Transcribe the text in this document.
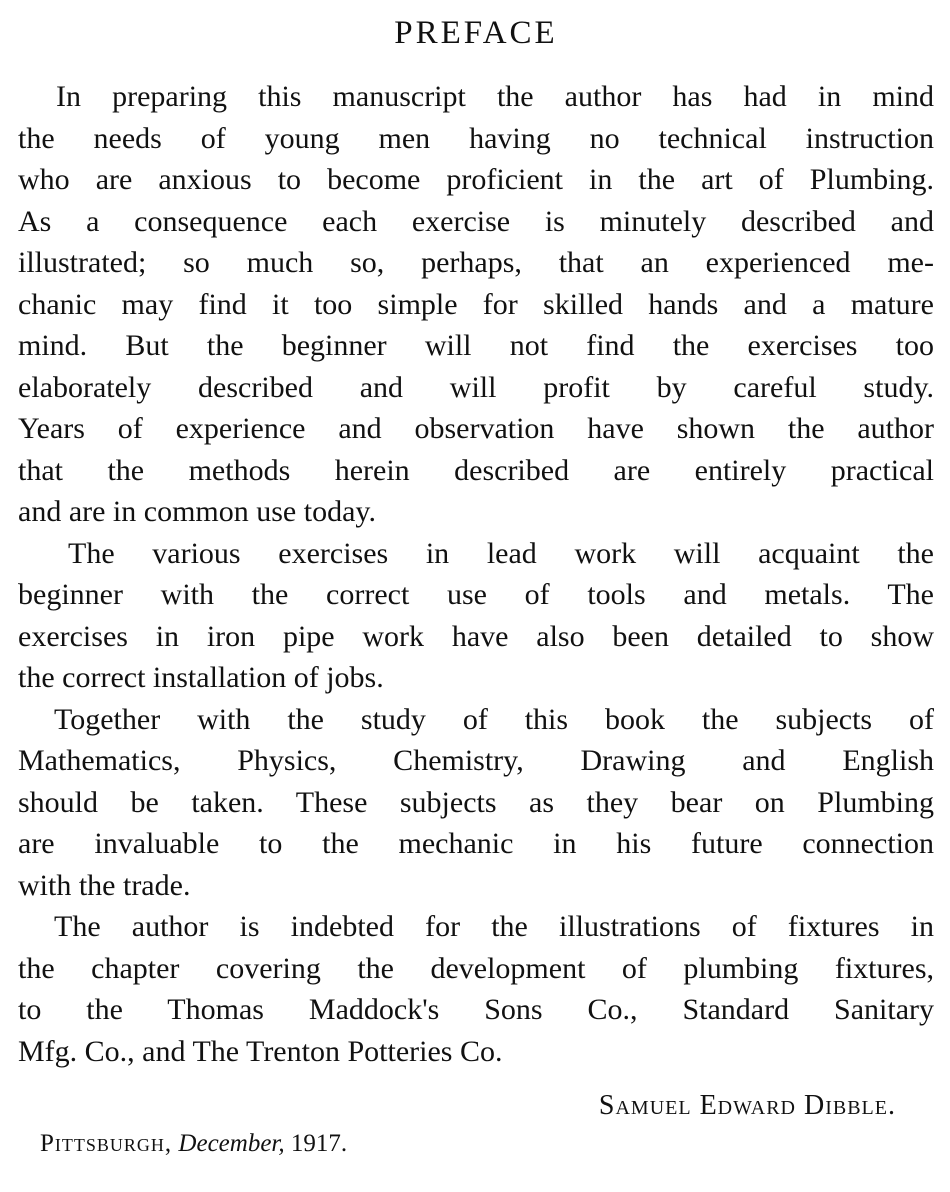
PREFACE
In preparing this manuscript the author has had in mind
the needs of young men having no technical instruction
who are anxious to become proficient in the art of Plumbing.
As a consequence each exercise is minutely described and
illustrated; so much so, perhaps, that an experienced me-
chanic may find it too simple for skilled hands and a mature
mind. But the beginner will not find the exercises too
elaborately described and will profit by careful study.
Years of experience and observation have shown the author
that the methods herein described are entirely practical
and are in common use today.
The various exercises in lead work will acquaint the
beginner with the correct use of tools and metals. The
exercises in iron pipe work have also been detailed to show
the correct installation of jobs.
Together with the study of this book the subjects of
Mathematics, Physics, Chemistry, Drawing and English
should be taken. These subjects as they bear on Plumbing
are invaluable to the mechanic in his future connection
with the trade.
The author is indebted for the illustrations of fixtures in
the chapter covering the development of plumbing fixtures,
to the Thomas Maddock's Sons Co., Standard Sanitary
Mfg. Co., and The Trenton Potteries Co.
Samuel Edward Dibble.
Pittsburgh, December, 1917.
